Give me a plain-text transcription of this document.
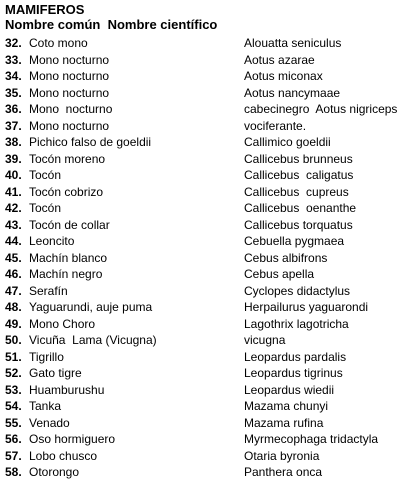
MAMIFEROS
Nombre común Nombre científico
32. Coto mono	Alouatta seniculus
33. Mono nocturno	Aotus azarae
34. Mono nocturno	Aotus miconax
35. Mono nocturno	Aotus nancymaae
36. Mono  nocturno	cabecinegro  Aotus nigriceps
37. Mono nocturno	vociferante.
38. Pichico falso de goeldii	Callimico goeldii
39. Tocón moreno	Callicebus brunneus
40. Tocón	Callicebus  caligatus
41. Tocón cobrizo	Callicebus  cupreus
42. Tocón	Callicebus  oenanthe
43. Tocón de collar	Callicebus torquatus
44. Leoncito	Cebuella pygmaea
45. Machín blanco	Cebus albifrons
46. Machín negro	Cebus apella
47. Serafín	Cyclopes didactylus
48. Yaguarundi, auje puma	Herpailurus yaguarondi
49. Mono Choro	Lagothrix lagotricha
50. Vicuña  Lama (Vicugna)	vicugna
51. Tigrillo	Leopardus pardalis
52. Gato tigre	Leopardus tigrinus
53. Huamburushu	Leopardus wiedii
54. Tanka	Mazama chunyi
55. Venado	Mazama rufina
56. Oso hormiguero	Myrmecophaga tridactyla
57. Lobo chusco	Otaria byronia
58. Otorongo	Panthera onca
